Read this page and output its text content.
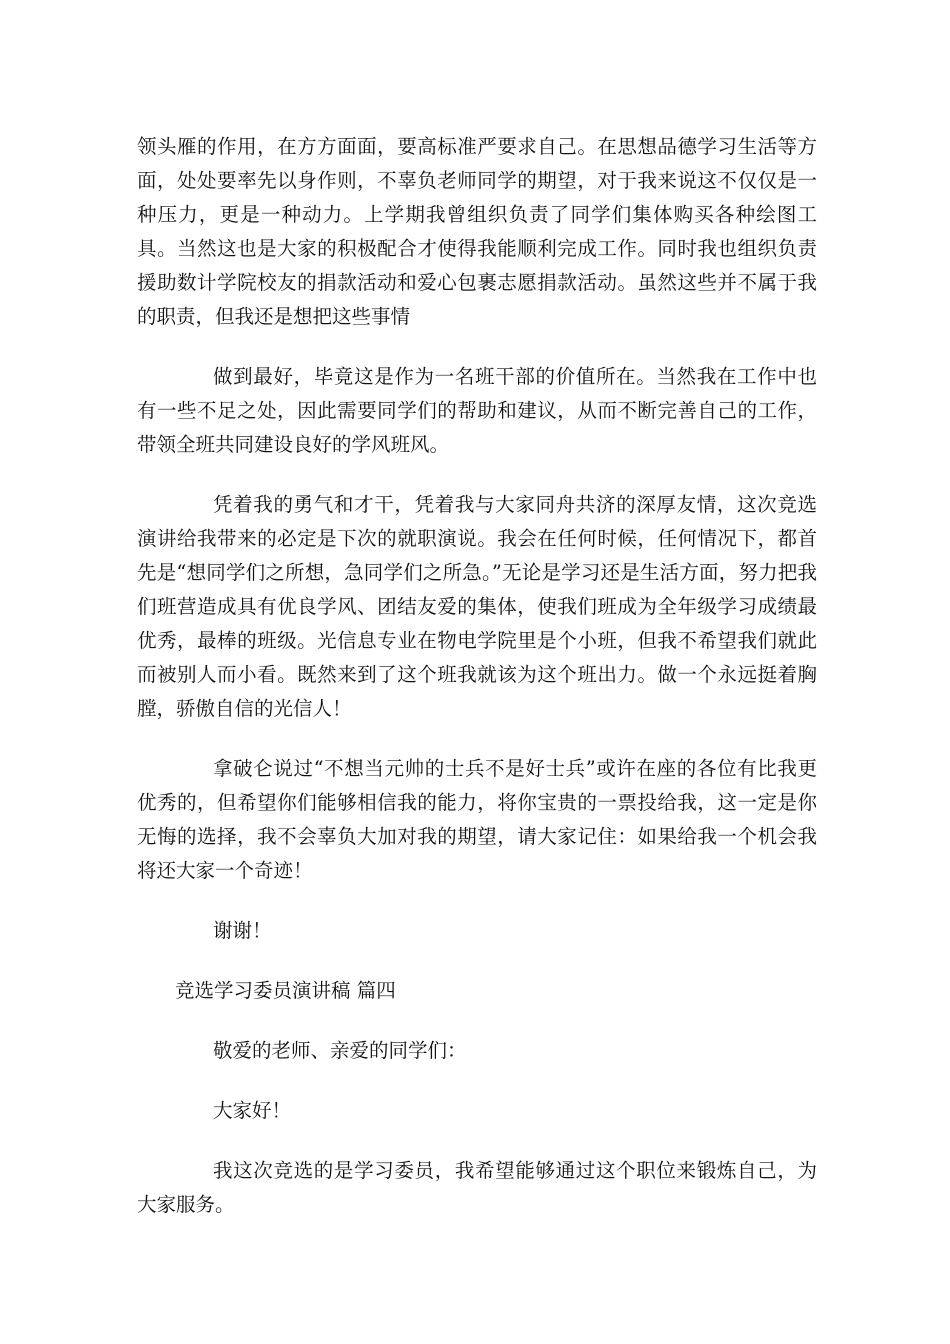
领头雁的作用，在方方面面，要高标准严要求自己。在思想品德学习生活等方面，处处要率先以身作则，不辜负老师同学的期望，对于我来说这不仅仅是一种压力，更是一种动力。上学期我曾组织负责了同学们集体购买各种绘图工具。当然这也是大家的积极配合才使得我能顺利完成工作。同时我也组织负责援助数计学院校友的捐款活动和爱心包裹志愿捐款活动。虽然这些并不属于我的职责，但我还是想把这些事情

做到最好，毕竟这是作为一名班干部的价值所在。当然我在工作中也有一些不足之处，因此需要同学们的帮助和建议，从而不断完善自己的工作，带领全班共同建设良好的学风班风。

凭着我的勇气和才干，凭着我与大家同舟共济的深厚友情，这次竞选演讲给我带来的必定是下次的就职演说。我会在任何时候，任何情况下，都首先是“想同学们之所想，急同学们之所急。”无论是学习还是生活方面，努力把我们班营造成具有优良学风、团结友爱的集体，使我们班成为全年级学习成绩最优秀，最棒的班级。光信息专业在物电学院里是个小班，但我不希望我们就此而被别人而小看。既然来到了这个班我就该为这个班出力。做一个永远挺着胸膛，骄傲自信的光信人！

拿破仑说过“不想当元帅的士兵不是好士兵”或许在座的各位有比我更优秀的，但希望你们能够相信我的能力，将你宝贵的一票投给我，这一定是你无悔的选择，我不会辜负大加对我的期望，请大家记住：如果给我一个机会我将还大家一个奇迹！

谢谢！

竞选学习委员演讲稿 篇四

敬爱的老师、亲爱的同学们：

大家好！

我这次竞选的是学习委员，我希望能够通过这个职位来锻炼自己，为大家服务。
